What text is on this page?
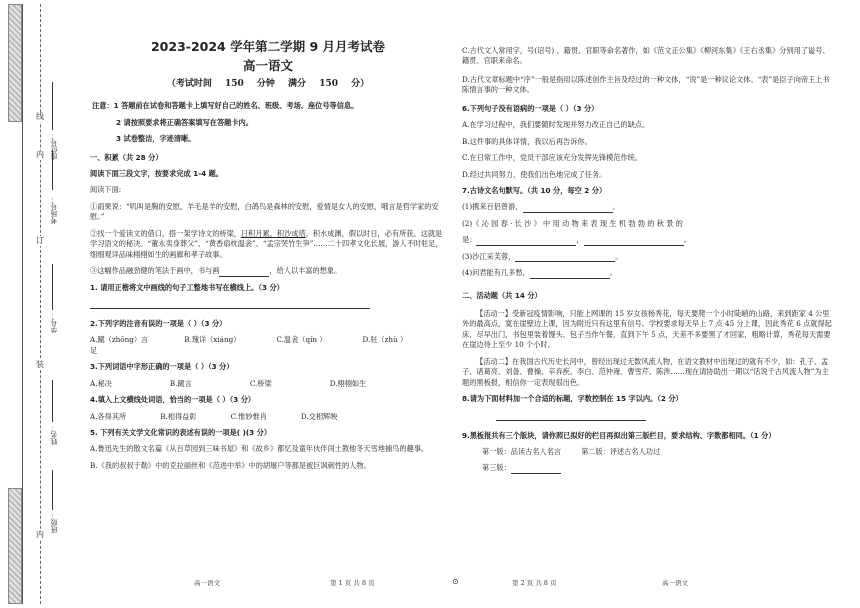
线
内
订
装
内
座位号：
考场号：
学号：
姓名：
班级：
2023-2024 学年第二学期 9 月月考试卷
高一语文
（考试时间 150 分钟 满分 150 分）
注意：1 答题前在试卷和答题卡上填写好自己的姓名、班级、考场、座位号等信息。
2 请按照要求将正确答案填写在答题卡内。
3 试卷整洁，字迹清晰。
一、积累（共 28 分）
阅读下面三段文字，按要求完成 1-4 题。
阅读下面:
①雨果说：“叽叫是胸的安慰，羊毛是羊的安慰，白鸽鸟是森林的安慰，爱情是女人的安慰，哦言是哲学家的安慰。”
②找一个爱读文的借口，搭一架学诗文的桥梁，日积月累，积沙成塔。积水成渊，假以时日，必有所获。这就是学习语文的秘决。“董永卖身葬父”、“黄香扇枕温衾”、“孟宗哭竹生笋”……二十四孝文化长展，游人不时驻足，细细观详品味栩栩如生的画廊和孝子故事。
③这幅作品融劲健的笔法于画中，书与画	，给人以丰富的想象。
1. 请用正楷将文中画线的句子工整地书写在横线上。（3 分）
2.下列字的注音有误的一项是（ ）（3 分）
A.蹴（zhōng）言	B.瑰详（xiáng）	C.温衾（qín ）	D.驻（zhù ）足
3.下列词语中字形正确的一项是（ ）（3 分）
A.秘决	B.蹴言	C.桥梁	D.栩栩如生
4.填入上文横线处词语，恰当的一项是（ ）（3 分）
A.各得其所	B.相得益彰	C.惟妙惟肖	D.交相辉映
5. 下列有关文学文化常识的表述有误的一项是( )(3 分）
A.鲁迅先生的散文名篇《从百草园到三味书屋》和《故乡》都忆及童年伙伴闰土教他冬天雪地捕鸟的趣事。
B.《我的叔叔于勒》中的克拉丽丝和《范进中举》中的胡屠户等都是被巨讽刺性的人物。
C.古代文人常用字，号(诏号) 、籍贯、官职等命名著作，如《范文正公集》《柳河东集》《王右丞集》分别用了谥号、籍贯、官职来命名。
D.古代文章标题中“序”一般是指用以陈述创作主旨及经过的一种文体，“说”是一种议论文体。“表”是臣子向帝王上书 陈情言事的一种文体。
6.下列句子没有语病的一项是（ ）（3 分）
A.在学习过程中，我们要随时发现并努力改正自己的缺点。
B.这件事的具体详情，我以后再告诉你。
C.在日常工作中，党员干部应该充分发挥先锋模范作统。
D.经过共同努力，使我们出色地完成了任务。
7.古诗文名句默写。（共 10 分，每空 2 分）
(1)携来百侣曾游，	。
(2)《 沁 园 春 · 长 沙 》 中 用 动 物 来 表 现 生 机 勃 勃 的 秋 景 的
是：	，	。
(3)沙江采芙蓉，	。
(4)问君能有几多愁，	。
二、活动题（共 14 分）
【活动一】受新冠疫情影响，只能上网课的 15 岁女孩杨秀花，每天要爬一个小时陡峭的山路，来到距家 4 公里外的最高点，寞在崖壁边上课，因为附近只有这里有信号。学校要求每天早上 7 点 45 分上课，因此秀花 6 点就得起床，尽早出门，书包里装着馒头、包子当作午餐，直到下午 5 点，天差不多要黑了才回家，粗略计算，秀花每天需要在崖边待上至少 10 个小时。
【活动二】在我国古代历史长河中，曾经出现过无数风流人物，在语文教材中出现过的就有不少，如：孔子、孟子、诸葛亮、刘备、曹操、辛弃疾、李白、范仲淹、曹雪芹、陈涉……现在请协助出一期以“话说千古风流人物”为主题的黑板报，相信你一定表现很出色。
8.请为下面材料加一个合适的标题，字数控制在 15 字以内。（2 分）
9.黑板报共有三个版块，请你照已拟好的栏目再拟出第三版栏目，要求结构、字数都相同。（1 分）
第一版：品读古名人名言	第二版：评述古名人功过
第三版：
高一语文	第 1 页 共 8 页	⊙	第 2 页 共 8 页	高一语文
